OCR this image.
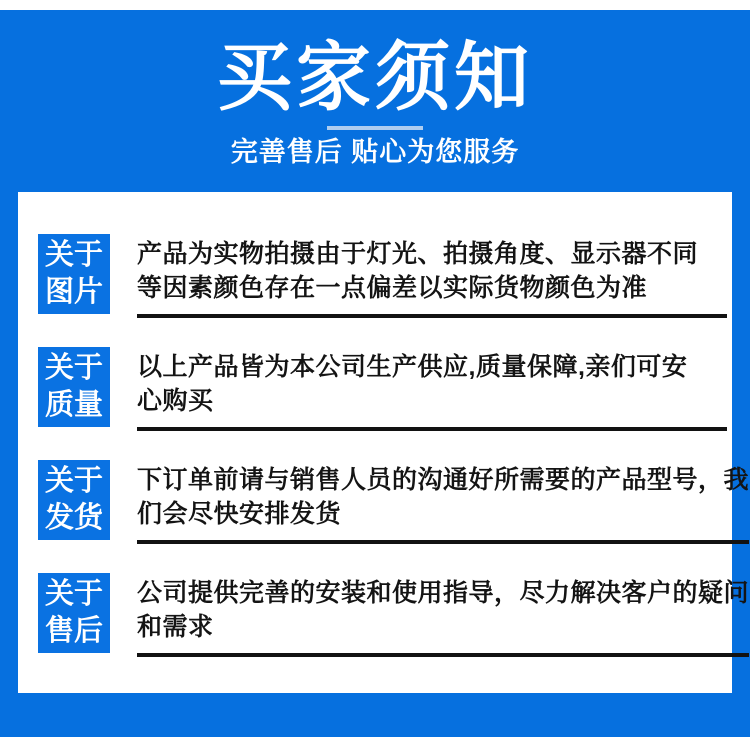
买家须知
完善售后 贴心为您服务
关于
图片
产品为实物拍摄由于灯光、拍摄角度、显示器不同
等因素颜色存在一点偏差以实际货物颜色为准
关于
质量
以上产品皆为本公司生产供应,质量保障,亲们可安
心购买
关于
发货
下订单前请与销售人员的沟通好所需要的产品型号，我
们会尽快安排发货
关于
售后
公司提供完善的安装和使用指导，尽力解决客户的疑问
和需求
